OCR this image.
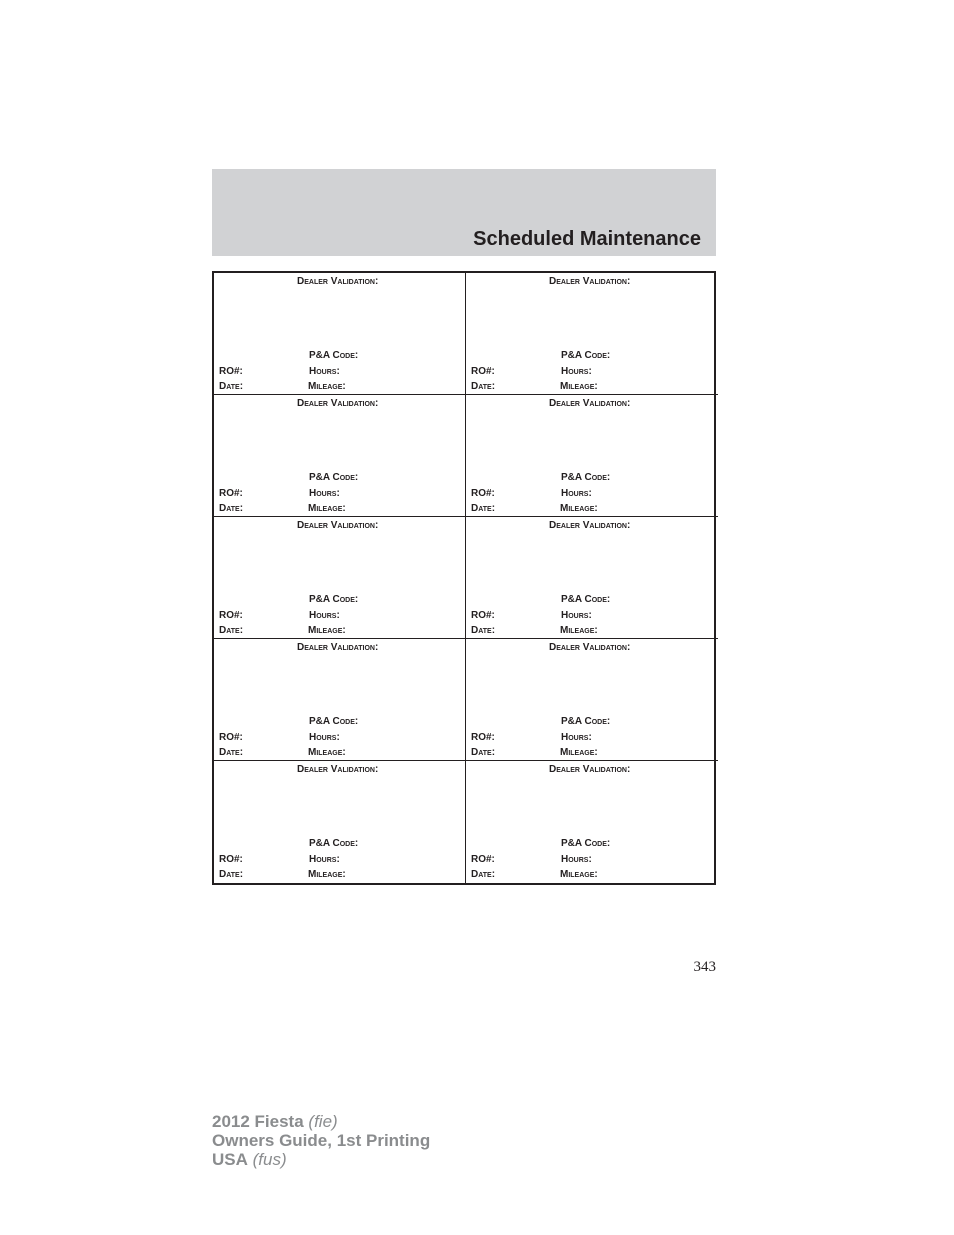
Scheduled Maintenance
Dealer Validation:
P&A Code:
RO#:	Hours:
Date:	Mileage:
Dealer Validation:
P&A Code:
RO#:	Hours:
Date:	Mileage:
Dealer Validation:
P&A Code:
RO#:	Hours:
Date:	Mileage:
Dealer Validation:
P&A Code:
RO#:	Hours:
Date:	Mileage:
Dealer Validation:
P&A Code:
RO#:	Hours:
Date:	Mileage:
Dealer Validation:
P&A Code:
RO#:	Hours:
Date:	Mileage:
Dealer Validation:
P&A Code:
RO#:	Hours:
Date:	Mileage:
Dealer Validation:
P&A Code:
RO#:	Hours:
Date:	Mileage:
Dealer Validation:
P&A Code:
RO#:	Hours:
Date:	Mileage:
Dealer Validation:
P&A Code:
RO#:	Hours:
Date:	Mileage:
343
2012 Fiesta (fie)
Owners Guide, 1st Printing
USA (fus)
